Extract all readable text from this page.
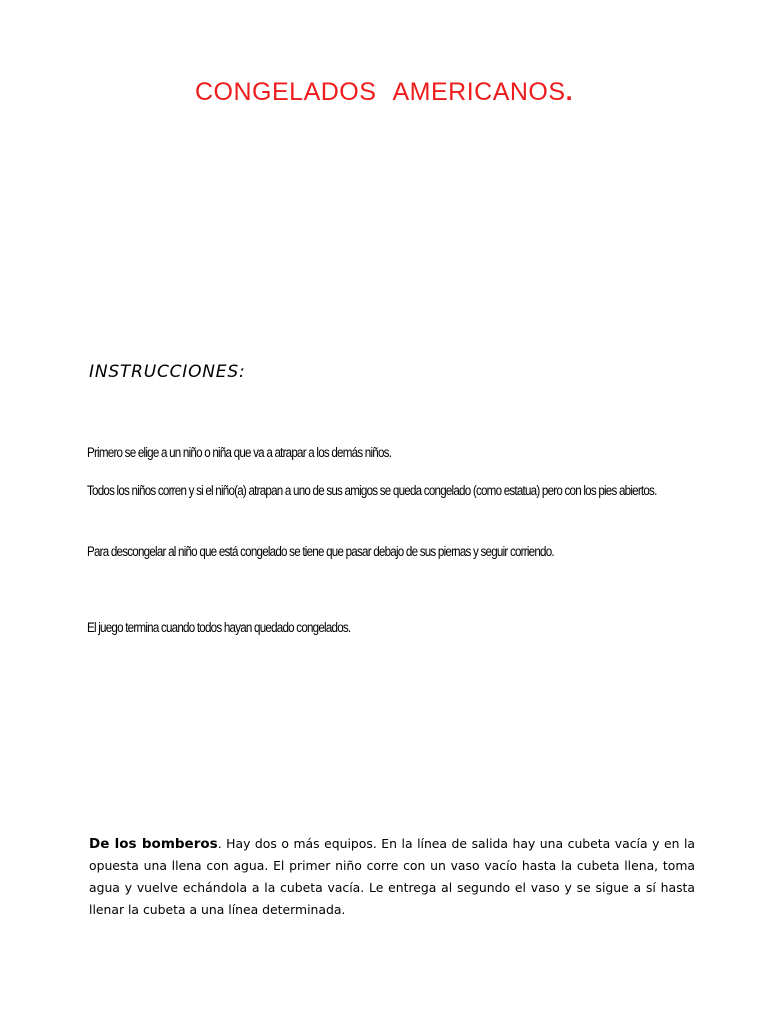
CONGELADOS AMERICANOS.
INSTRUCCIONES:

Primero se elige a un niño o niña que va a atrapar a los demás niños.

Todos los niños corren y si el niño(a) atrapan a uno de sus amigos se queda congelado (como estatua) pero con los pies abiertos.

Para descongelar al niño que está congelado se tiene que pasar debajo de sus piernas y seguir corriendo.

El juego termina cuando todos hayan quedado congelados.

De los bomberos. Hay dos o más equipos. En la línea de salida hay una cubeta vacía y en la opuesta una llena con agua. El primer niño corre con un vaso vacío hasta la cubeta llena, toma agua y vuelve echándola a la cubeta vacía. Le entrega al segundo el vaso y se sigue a sí hasta llenar la cubeta a una línea determinada.
